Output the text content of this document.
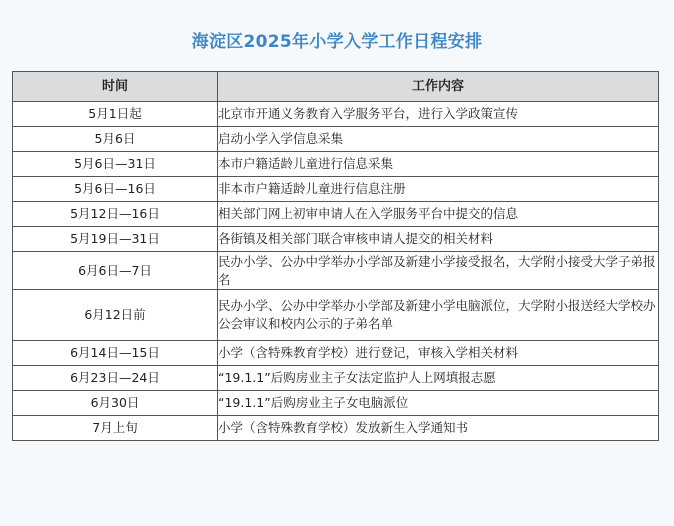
海淀区2025年小学入学工作日程安排
时间	工作内容
5月1日起	北京市开通义务教育入学服务平台，进行入学政策宣传
5月6日	启动小学入学信息采集
5月6日—31日	本市户籍适龄儿童进行信息采集
5月6日—16日	非本市户籍适龄儿童进行信息注册
5月12日—16日	相关部门网上初审申请人在入学服务平台中提交的信息
5月19日—31日	各街镇及相关部门联合审核申请人提交的相关材料
6月6日—7日	民办小学、公办中学举办小学部及新建小学接受报名，大学附小接受大学子弟报名
6月12日前	民办小学、公办中学举办小学部及新建小学电脑派位，大学附小报送经大学校办公会审议和校内公示的子弟名单
6月14日—15日	小学（含特殊教育学校）进行登记，审核入学相关材料
6月23日—24日	“19.1.1”后购房业主子女法定监护人上网填报志愿
6月30日	“19.1.1”后购房业主子女电脑派位
7月上旬	小学（含特殊教育学校）发放新生入学通知书
